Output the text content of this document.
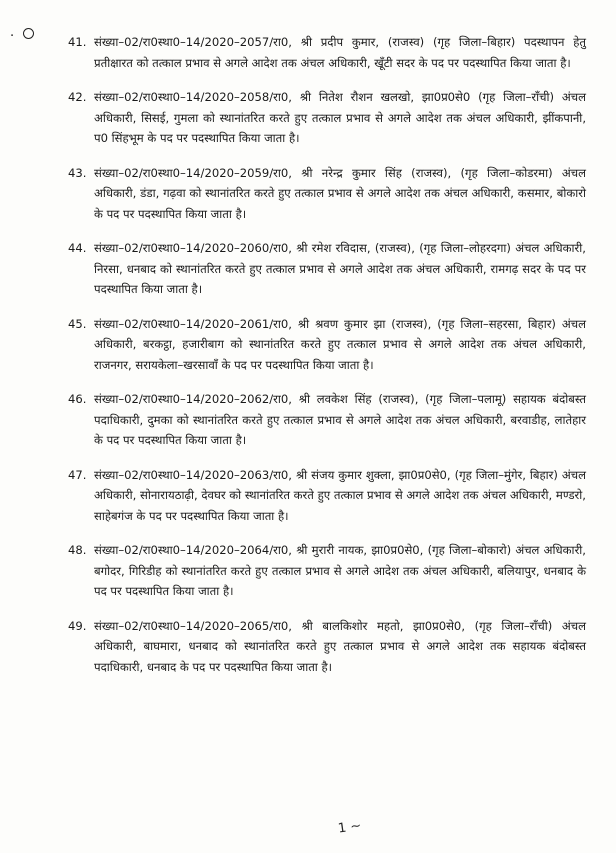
·	41. संख्या–02/रा0स्था0–14/2020–2057/रा0, श्री प्रदीप कुमार, (राजस्व) (गृह जिला–बिहार) पदस्थापन हेतु प्रतीक्षारत को तत्काल प्रभाव से अगले आदेश तक अंचल अधिकारी, खूँटी सदर के पद पर पदस्थापित किया जाता है।
42. संख्या–02/रा0स्था0–14/2020–2058/रा0, श्री नितेश रौशन खलखो, झा0प्र0से0 (गृह जिला–राँची) अंचल अधिकारी, सिसई, गुमला को स्थानांतरित करते हुए तत्काल प्रभाव से अगले आदेश तक अंचल अधिकारी, झींकपानी, प0 सिंहभूम के पद पर पदस्थापित किया जाता है।
43. संख्या–02/रा0स्था0–14/2020–2059/रा0, श्री नरेन्द्र कुमार सिंह (राजस्व), (गृह जिला–कोडरमा) अंचल अधिकारी, डंडा, गढ़वा को स्थानांतरित करते हुए तत्काल प्रभाव से अगले आदेश तक अंचल अधिकारी, कसमार, बोकारो के पद पर पदस्थापित किया जाता है।
44. संख्या–02/रा0स्था0–14/2020–2060/रा0, श्री रमेश रविदास, (राजस्व), (गृह जिला–लोहरदगा) अंचल अधिकारी, निरसा, धनबाद को स्थानांतरित करते हुए तत्काल प्रभाव से अगले आदेश तक अंचल अधिकारी, रामगढ़ सदर के पद पर पदस्थापित किया जाता है।
45. संख्या–02/रा0स्था0–14/2020–2061/रा0, श्री श्रवण कुमार झा (राजस्व), (गृह जिला–सहरसा, बिहार) अंचल अधिकारी, बरकट्ठा, हजारीबाग को स्थानांतरित करते हुए तत्काल प्रभाव से अगले आदेश तक अंचल अधिकारी, राजनगर, सरायकेला–खरसावाँ के पद पर पदस्थापित किया जाता है।
46. संख्या–02/रा0स्था0–14/2020–2062/रा0, श्री लवकेश सिंह (राजस्व), (गृह जिला–पलामू) सहायक बंदोबस्त पदाधिकारी, दुमका को स्थानांतरित करते हुए तत्काल प्रभाव से अगले आदेश तक अंचल अधिकारी, बरवाडीह, लातेहार के पद पर पदस्थापित किया जाता है।
47. संख्या–02/रा0स्था0–14/2020–2063/रा0, श्री संजय कुमार शुक्ला, झा0प्र0से0, (गृह जिला–मुंगेर, बिहार) अंचल अधिकारी, सोनारायठाढ़ी, देवघर को स्थानांतरित करते हुए तत्काल प्रभाव से अगले आदेश तक अंचल अधिकारी, मण्डरो, साहेबगंज के पद पर पदस्थापित किया जाता है।
48. संख्या–02/रा0स्था0–14/2020–2064/रा0, श्री मुरारी नायक, झा0प्र0से0, (गृह जिला–बोकारो) अंचल अधिकारी, बगोदर, गिरिडीह को स्थानांतरित करते हुए तत्काल प्रभाव से अगले आदेश तक अंचल अधिकारी, बलियापुर, धनबाद के पद पर पदस्थापित किया जाता है।
49. संख्या–02/रा0स्था0–14/2020–2065/रा0, श्री बालकिशोर महतो, झा0प्र0से0, (गृह जिला–राँची) अंचल अधिकारी, बाघमारा, धनबाद को स्थानांतरित करते हुए तत्काल प्रभाव से अगले आदेश तक सहायक बंदोबस्त पदाधिकारी, धनबाद के पद पर पदस्थापित किया जाता है।
1 ~
